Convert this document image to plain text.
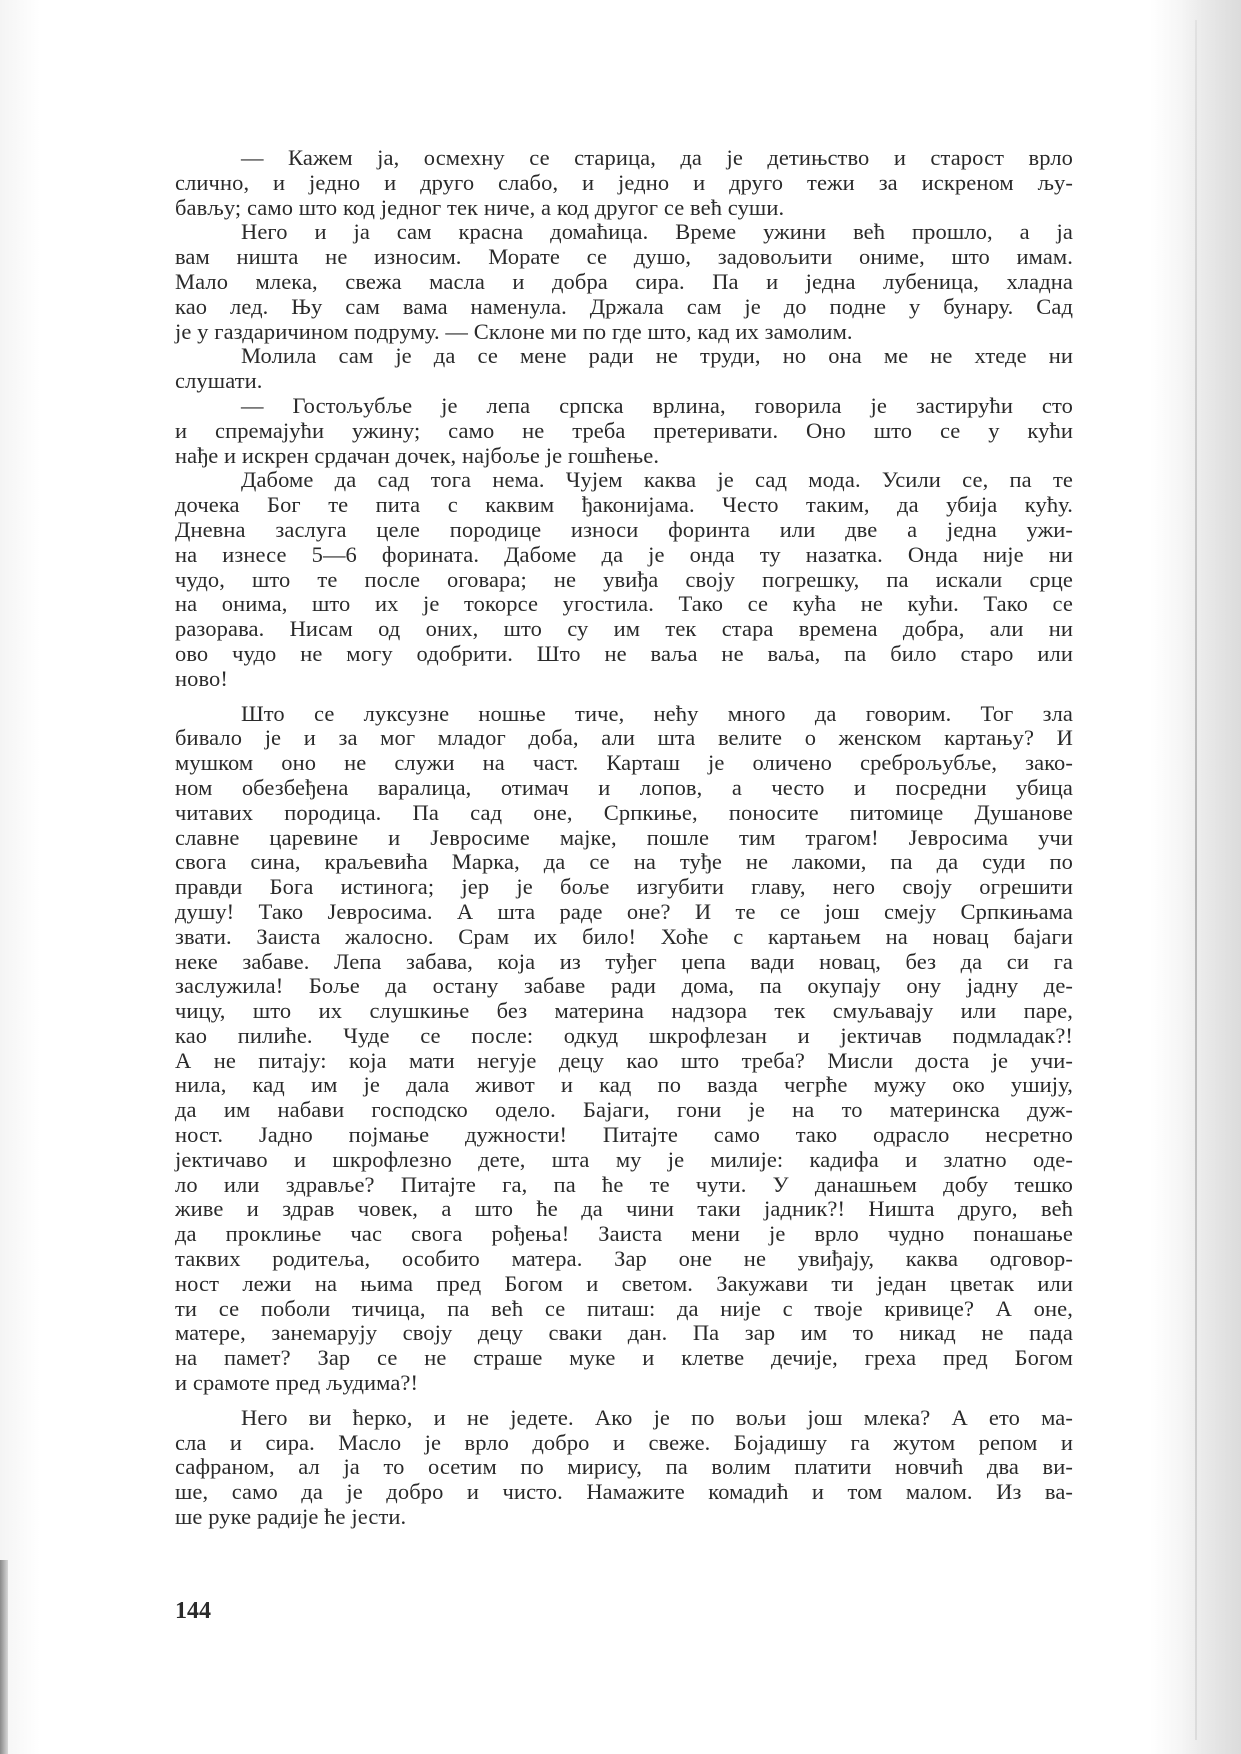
— Кажем ја, осмехну се старица, да је детињство и старост врло
слично, и једно и друго слабо, и једно и друго тежи за искреном љу-
бављу; само што код једног тек ниче, а код другог се већ суши.
Него и ја сам красна домаћица. Време ужини већ прошло, а ја
вам ништа не износим. Морате се душо, задовољити ониме, што имам.
Мало млека, свежа масла и добра сира. Па и једна лубеница, хладна
као лед. Њу сам вама наменула. Држала сам је до подне у бунару. Сад
је у газдаричином подруму. — Склоне ми по где што, кад их замолим.
Молила сам је да се мене ради не труди, но она ме не хтеде ни
слушати.
— Гостољубље је лепа српска врлина, говорила је застирући сто
и спремајући ужину; само не треба претеривати. Оно што се у кући
нађе и искрен срдачан дочек, најбоље је гошћење.
Дабоме да сад тога нема. Чујем каква је сад мода. Усили се, па те
дочека Бог те пита с каквим ђаконијама. Често таким, да убија кућу.
Дневна заслуга целе породице износи форинта или две а једна ужи-
на изнесе 5—6 форината. Дабоме да је онда ту назатка. Онда није ни
чудо, што те после оговара; не увиђа своју погрешку, па искали срце
на онима, што их је токорсе угостила. Тако се кућа не кући. Тако се
разорава. Нисам од оних, што су им тек стара времена добра, али ни
ово чудо не могу одобрити. Што не ваља не ваља, па било старо или
ново!
Што се луксузне ношње тиче, нећу много да говорим. Тог зла
бивало је и за мог младог доба, али шта велите о женском картању? И
мушком оно не служи на част. Карташ је оличено среброљубље, зако-
ном обезбеђена варалица, отимач и лопов, а често и посредни убица
читавих породица. Па сад оне, Српкиње, поносите питомице Душанове
славне царевине и Јевросиме мајке, пошле тим трагом! Јевросима учи
свога сина, краљевића Марка, да се на туђе не лакоми, па да суди по
правди Бога истинога; јер је боље изгубити главу, него своју огрешити
душу! Тако Јевросима. А шта раде оне? И те се још смеју Српкињама
звати. Заиста жалосно. Срам их било! Хоће с картањем на новац бајаги
неке забаве. Лепа забава, која из туђег џепа вади новац, без да си га
заслужила! Боље да остану забаве ради дома, па окупају ону јадну де-
чицу, што их слушкиње без материна надзора тек смуљавају или паре,
као пилиће. Чуде се после: одкуд шкрофлезан и јектичав подмладак?!
А не питају: која мати негује децу као што треба? Мисли доста је учи-
нила, кад им је дала живот и кад по вазда чегрће мужу око ушију,
да им набави господско одело. Бајаги, гони је на то материнска дуж-
ност. Јадно појмање дужности! Питајте само тако одрасло несретно
јектичаво и шкрофлезно дете, шта му је милије: кадифа и златно оде-
ло или здравље? Питајте га, па ће те чути. У данашњем добу тешко
живе и здрав човек, а што ће да чини таки јадник?! Ништа друго, већ
да проклиње час свога рођења! Заиста мени је врло чудно понашање
таквих родитеља, особито матера. Зар оне не увиђају, каква одговор-
ност лежи на њима пред Богом и светом. Закужави ти један цветак или
ти се поболи тичица, па већ се питаш: да није с твоје кривице? А оне,
матере, занемарују своју децу сваки дан. Па зар им то никад не пада
на памет? Зар се не страше муке и клетве дечије, греха пред Богом
и срамоте пред људима?!
Него ви ћерко, и не једете. Ако је по вољи још млека? А ето ма-
сла и сира. Масло је врло добро и свеже. Бојадишу га жутом репом и
сафраном, ал ја то осетим по мирису, па волим платити новчић два ви-
ше, само да је добро и чисто. Намажите комадић и том малом. Из ва-
ше руке радије ће јести.
144
